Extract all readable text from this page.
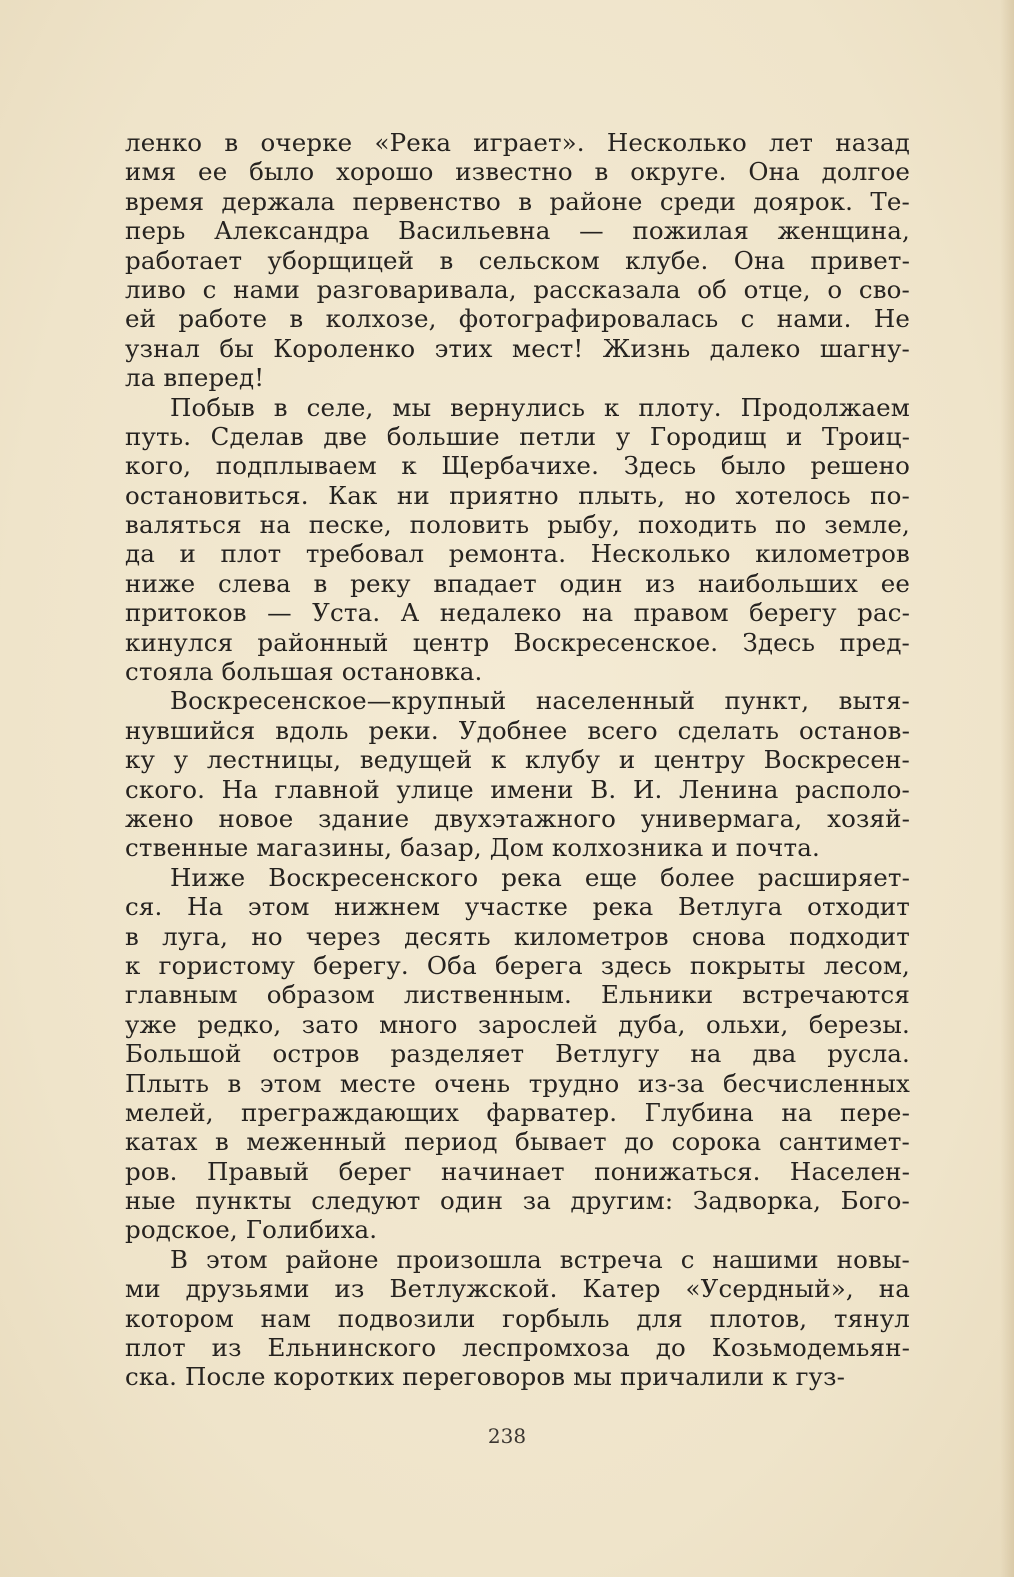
ленко в очерке «Река играет». Несколько лет назад
имя ее было хорошо известно в округе. Она долгое
время держала первенство в районе среди доярок. Те-
перь Александра Васильевна — пожилая женщина,
работает уборщицей в сельском клубе. Она привет-
ливо с нами разговаривала, рассказала об отце, о сво-
ей работе в колхозе, фотографировалась с нами. Не
узнал бы Короленко этих мест! Жизнь далеко шагну-
ла вперед!
Побыв в селе, мы вернулись к плоту. Продолжаем
путь. Сделав две большие петли у Городищ и Троиц-
кого, подплываем к Щербачихе. Здесь было решено
остановиться. Как ни приятно плыть, но хотелось по-
валяться на песке, половить рыбу, походить по земле,
да и плот требовал ремонта. Несколько километров
ниже слева в реку впадает один из наибольших ее
притоков — Уста. А недалеко на правом берегу рас-
кинулся районный центр Воскресенское. Здесь пред-
стояла большая остановка.
Воскресенское—крупный населенный пункт, вытя-
нувшийся вдоль реки. Удобнее всего сделать останов-
ку у лестницы, ведущей к клубу и центру Воскресен-
ского. На главной улице имени В. И. Ленина располо-
жено новое здание двухэтажного универмага, хозяй-
ственные магазины, базар, Дом колхозника и почта.
Ниже Воскресенского река еще более расширяет-
ся. На этом нижнем участке река Ветлуга отходит
в луга, но через десять километров снова подходит
к гористому берегу. Оба берега здесь покрыты лесом,
главным образом лиственным. Ельники встречаются
уже редко, зато много зарослей дуба, ольхи, березы.
Большой остров разделяет Ветлугу на два русла.
Плыть в этом месте очень трудно из-за бесчисленных
мелей, преграждающих фарватер. Глубина на пере-
катах в меженный период бывает до сорока сантимет-
ров. Правый берег начинает понижаться. Населен-
ные пункты следуют один за другим: Задворка, Бого-
родское, Голибиха.
В этом районе произошла встреча с нашими новы-
ми друзьями из Ветлужской. Катер «Усердный», на
котором нам подвозили горбыль для плотов, тянул
плот из Ельнинского леспромхоза до Козьмодемьян-
ска. После коротких переговоров мы причалили к гуз-
238
